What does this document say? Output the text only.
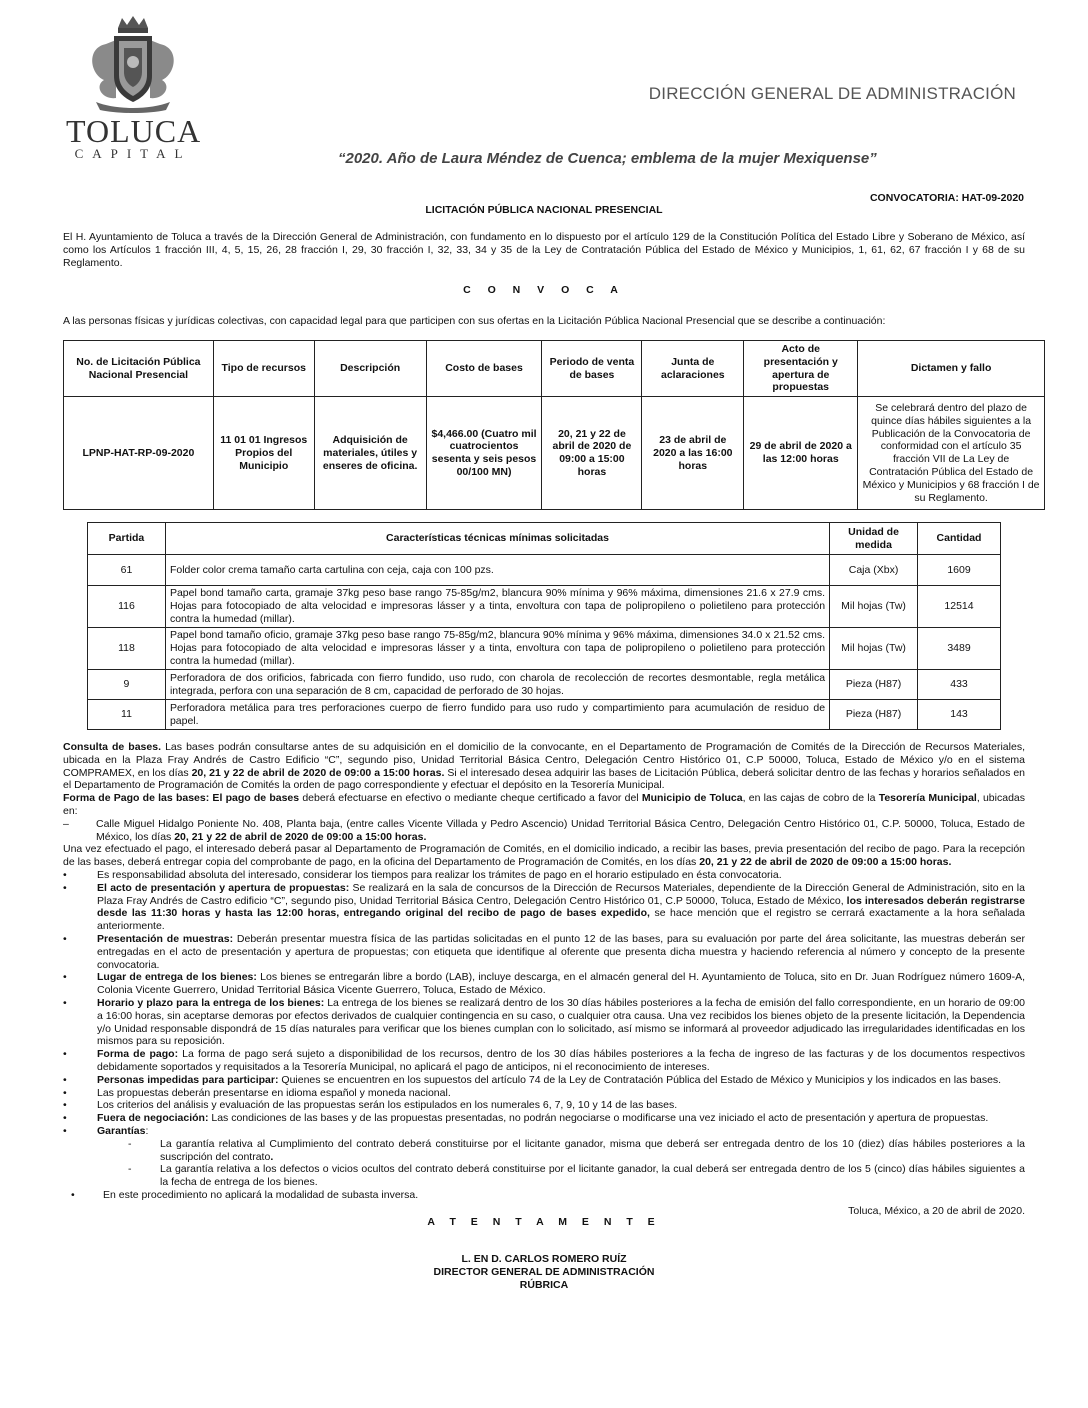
TOLUCA
CAPITAL
DIRECCIÓN GENERAL DE ADMINISTRACIÓN
“2020. Año de Laura Méndez de Cuenca; emblema de la mujer Mexiquense”
CONVOCATORIA: HAT-09-2020
LICITACIÓN PÚBLICA NACIONAL PRESENCIAL
El H. Ayuntamiento de Toluca a través de la Dirección General de Administración, con fundamento en lo dispuesto por el artículo 129 de la Constitución Política del Estado Libre y Soberano de México, así como los Artículos 1 fracción III, 4, 5, 15, 26, 28 fracción I, 29, 30 fracción I, 32, 33, 34 y 35 de la Ley de Contratación Pública del Estado de México y Municipios, 1, 61, 62, 67 fracción I y 68 de su Reglamento.
C O N V O C A
A las personas físicas y jurídicas colectivas, con capacidad legal para que participen con sus ofertas en la Licitación Pública Nacional Presencial que se describe a continuación:
No. de Licitación Pública Nacional Presencial	Tipo de recursos	Descripción	Costo de bases	Periodo de venta de bases	Junta de aclaraciones	Acto de presentación y apertura de propuestas	Dictamen y fallo
LPNP-HAT-RP-09-2020	11 01 01 Ingresos Propios del Municipio	Adquisición de materiales, útiles y enseres de oficina.	$4,466.00 (Cuatro mil cuatrocientos sesenta y seis pesos 00/100 MN)	20, 21 y 22 de abril de 2020 de 09:00 a 15:00 horas	23 de abril de 2020 a las 16:00 horas	29 de abril de 2020 a las 12:00 horas	Se celebrará dentro del plazo de quince días hábiles siguientes a la Publicación de la Convocatoria de conformidad con el artículo 35 fracción VII de La Ley de Contratación Pública del Estado de México y Municipios y 68 fracción I de su Reglamento.
Partida	Características técnicas mínimas solicitadas	Unidad de medida	Cantidad
61	Folder color crema tamaño carta cartulina con ceja, caja con 100 pzs.	Caja (Xbx)	1609
116	Papel bond tamaño carta, gramaje 37kg peso base rango 75-85g/m2, blancura 90% mínima y 96% máxima, dimensiones 21.6 x 27.9 cms. Hojas para fotocopiado de alta velocidad e impresoras lásser y a tinta, envoltura con tapa de polipropileno o polietileno para protección contra la humedad (millar).	Mil hojas (Tw)	12514
118	Papel bond tamaño oficio, gramaje 37kg peso base rango 75-85g/m2, blancura 90% mínima y 96% máxima, dimensiones 34.0 x 21.52 cms. Hojas para fotocopiado de alta velocidad e impresoras lásser y a tinta, envoltura con tapa de polipropileno o polietileno para protección contra la humedad (millar).	Mil hojas (Tw)	3489
9	Perforadora de dos orificios, fabricada con fierro fundido, uso rudo, con charola de recolección de recortes desmontable, regla metálica integrada, perfora con una separación de 8 cm, capacidad de perforado de 30 hojas.	Pieza (H87)	433
11	Perforadora metálica para tres perforaciones cuerpo de fierro fundido para uso rudo y compartimiento para acumulación de residuo de papel.	Pieza (H87)	143

Consulta de bases. Las bases podrán consultarse antes de su adquisición en el domicilio de la convocante, en el Departamento de Programación de Comités de la Dirección de Recursos Materiales, ubicada en la Plaza Fray Andrés de Castro Edificio “C”, segundo piso, Unidad Territorial Básica Centro, Delegación Centro Histórico 01, C.P 50000, Toluca, Estado de México y/o en el sistema COMPRAMEX, en los días 20, 21 y 22 de abril de 2020 de 09:00 a 15:00 horas. Si el interesado desea adquirir las bases de Licitación Pública, deberá solicitar dentro de las fechas y horarios señalados en el Departamento de Programación de Comités la orden de pago correspondiente y efectuar el depósito en la Tesorería Municipal.

Forma de Pago de las bases: El pago de bases deberá efectuarse en efectivo o mediante cheque certificado a favor del Municipio de Toluca, en las cajas de cobro de la Tesorería Municipal, ubicadas en:

–	Calle Miguel Hidalgo Poniente No. 408, Planta baja, (entre calles Vicente Villada y Pedro Ascencio) Unidad Territorial Básica Centro, Delegación Centro Histórico 01, C.P. 50000, Toluca, Estado de México, los días 20, 21 y 22 de abril de 2020 de 09:00 a 15:00 horas.

Una vez efectuado el pago, el interesado deberá pasar al Departamento de Programación de Comités, en el domicilio indicado, a recibir las bases, previa presentación del recibo de pago. Para la recepción de las bases, deberá entregar copia del comprobante de pago, en la oficina del Departamento de Programación de Comités, en los días 20, 21 y 22 de abril de 2020 de 09:00 a 15:00 horas.

•	Es responsabilidad absoluta del interesado, considerar los tiempos para realizar los trámites de pago en el horario estipulado en ésta convocatoria.
•	El acto de presentación y apertura de propuestas: Se realizará en la sala de concursos de la Dirección de Recursos Materiales, dependiente de la Dirección General de Administración, sito en la Plaza Fray Andrés de Castro edificio “C”, segundo piso, Unidad Territorial Básica Centro, Delegación Centro Histórico 01, C.P 50000, Toluca, Estado de México, los interesados deberán registrarse desde las 11:30 horas y hasta las 12:00 horas, entregando original del recibo de pago de bases expedido, se hace mención que el registro se cerrará exactamente a la hora señalada anteriormente.
•	Presentación de muestras: Deberán presentar muestra física de las partidas solicitadas en el punto 12 de las bases, para su evaluación por parte del área solicitante, las muestras deberán ser entregadas en el acto de presentación y apertura de propuestas; con etiqueta que identifique al oferente que presenta dicha muestra y haciendo referencia al número y concepto de la presente convocatoria.
•	Lugar de entrega de los bienes: Los bienes se entregarán libre a bordo (LAB), incluye descarga, en el almacén general del H. Ayuntamiento de Toluca, sito en Dr. Juan Rodríguez número 1609-A, Colonia Vicente Guerrero, Unidad Territorial Básica Vicente Guerrero, Toluca, Estado de México.
•	Horario y plazo para la entrega de los bienes: La entrega de los bienes se realizará dentro de los 30 días hábiles posteriores a la fecha de emisión del fallo correspondiente, en un horario de 09:00 a 16:00 horas, sin aceptarse demoras por efectos derivados de cualquier contingencia en su caso, o cualquier otra causa. Una vez recibidos los bienes objeto de la presente licitación, la Dependencia y/o Unidad responsable dispondrá de 15 días naturales para verificar que los bienes cumplan con lo solicitado, así mismo se informará al proveedor adjudicado las irregularidades identificadas en los mismos para su reposición.
•	Forma de pago: La forma de pago será sujeto a disponibilidad de los recursos, dentro de los 30 días hábiles posteriores a la fecha de ingreso de las facturas y de los documentos respectivos debidamente soportados y requisitados a la Tesorería Municipal, no aplicará el pago de anticipos, ni el reconocimiento de intereses.
•	Personas impedidas para participar: Quienes se encuentren en los supuestos del artículo 74 de la Ley de Contratación Pública del Estado de México y Municipios y los indicados en las bases.
•	Las propuestas deberán presentarse en idioma español y moneda nacional.
•	Los criterios del análisis y evaluación de las propuestas serán los estipulados en los numerales 6, 7, 9, 10 y 14 de las bases.
•	Fuera de negociación: Las condiciones de las bases y de las propuestas presentadas, no podrán negociarse o modificarse una vez iniciado el acto de presentación y apertura de propuestas.
•	Garantías:
-	La garantía relativa al Cumplimiento del contrato deberá constituirse por el licitante ganador, misma que deberá ser entregada dentro de los 10 (diez) días hábiles posteriores a la suscripción del contrato.
-	La garantía relativa a los defectos o vicios ocultos del contrato deberá constituirse por el licitante ganador, la cual deberá ser entregada dentro de los 5 (cinco) días hábiles siguientes a la fecha de entrega de los bienes.
•	En este procedimiento no aplicará la modalidad de subasta inversa.
Toluca, México, a 20 de abril de 2020.
A T E N T A M E N T E
L. EN D. CARLOS ROMERO RUÍZ
DIRECTOR GENERAL DE ADMINISTRACIÓN
RÚBRICA
